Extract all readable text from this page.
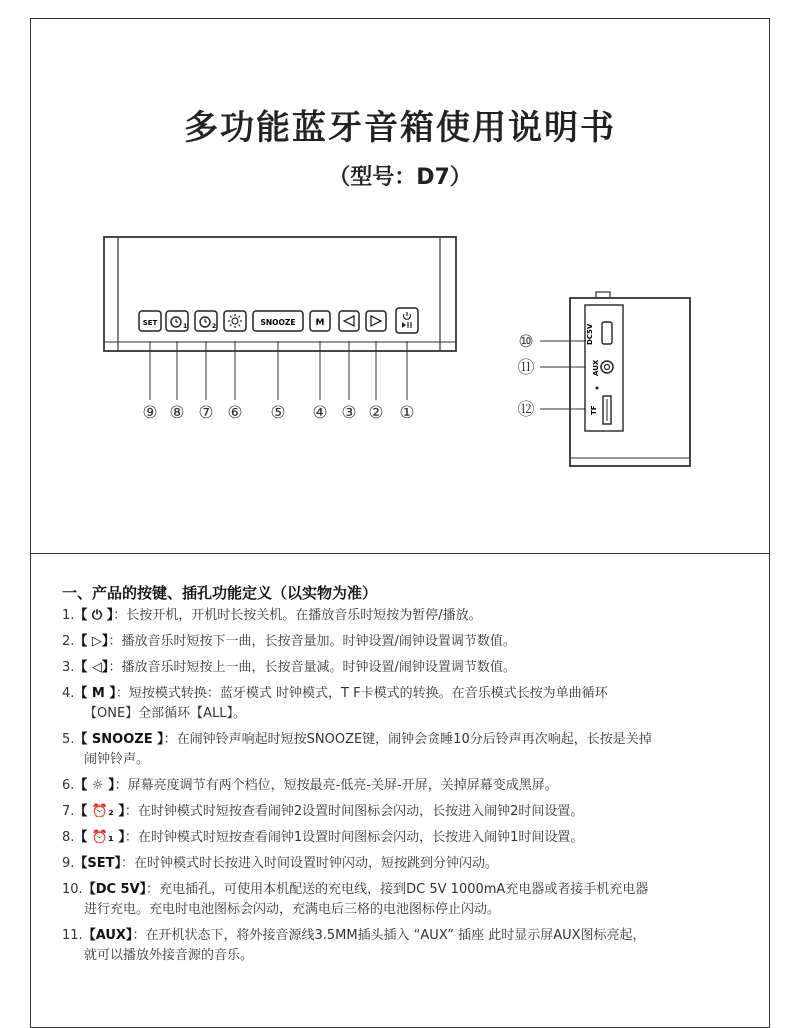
多功能蓝牙音箱使用说明书
（型号：D7）
SET	1	2	SNOOZE M
⑨ ⑧ ⑦ ⑥ ⑤ ④ ③ ② ①
DC5V
AUX
TF
⑩
⑪
⑫
一、产品的按键、插孔功能定义（以实物为准）
1.【 ⏻ 】：长按开机，开机时长按关机。在播放音乐时短按为暂停/播放。
2.【 ▷】：播放音乐时短按下一曲，长按音量加。时钟设置/闹钟设置调节数值。
3.【 ◁】：播放音乐时短按上一曲，长按音量减。时钟设置/闹钟设置调节数值。
4.【 M 】：短按模式转换：蓝牙模式 时钟模式，T F卡模式的转换。在音乐模式长按为单曲循环
【ONE】全部循环【ALL】。
5.【 SNOOZE 】：在闹钟铃声响起时短按SNOOZE键，闹钟会贪睡10分后铃声再次响起，长按是关掉
闹钟铃声。
6.【 ☼ 】：屏幕亮度调节有两个档位，短按最亮-低亮-关屏-开屏，关掉屏幕变成黑屏。
7.【 ⏰₂ 】：在时钟模式时短按查看闹钟2设置时间图标会闪动，长按进入闹钟2时间设置。
8.【 ⏰₁ 】：在时钟模式时短按查看闹钟1设置时间图标会闪动，长按进入闹钟1时间设置。
9.【SET】：在时钟模式时长按进入时间设置时钟闪动，短按跳到分钟闪动。
10.【DC 5V】：充电插孔，可使用本机配送的充电线，接到DC 5V 1000mA充电器或者接手机充电器
进行充电。充电时电池图标会闪动，充满电后三格的电池图标停止闪动。
11.【AUX】：在开机状态下，将外接音源线3.5MM插头插入 “AUX” 插座 此时显示屏AUX图标亮起，
就可以播放外接音源的音乐。
